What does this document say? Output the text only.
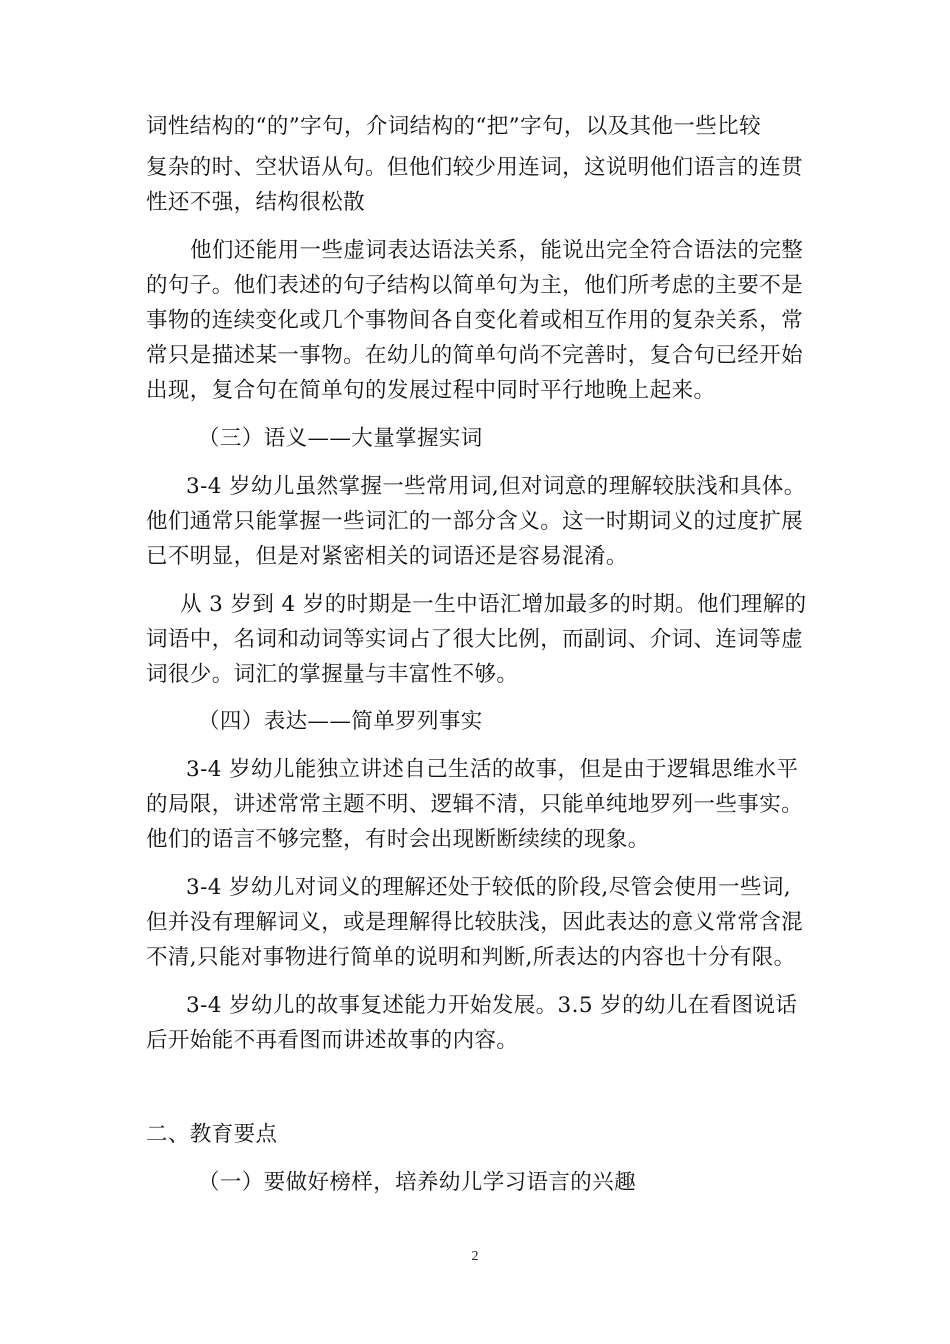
词性结构的“的”字句，介词结构的“把”字句，以及其他一些比较
复杂的时、空状语从句。但他们较少用连词，这说明他们语言的连贯
性还不强，结构很松散
他们还能用一些虚词表达语法关系，能说出完全符合语法的完整
的句子。他们表述的句子结构以简单句为主，他们所考虑的主要不是
事物的连续变化或几个事物间各自变化着或相互作用的复杂关系，常
常只是描述某一事物。在幼儿的简单句尚不完善时，复合句已经开始
出现，复合句在简单句的发展过程中同时平行地晚上起来。
（三）语义——大量掌握实词
3-4 岁幼儿虽然掌握一些常用词,但对词意的理解较肤浅和具体。
他们通常只能掌握一些词汇的一部分含义。这一时期词义的过度扩展
已不明显，但是对紧密相关的词语还是容易混淆。
从 3 岁到 4 岁的时期是一生中语汇增加最多的时期。他们理解的
词语中，名词和动词等实词占了很大比例，而副词、介词、连词等虚
词很少。词汇的掌握量与丰富性不够。
（四）表达——简单罗列事实
3-4 岁幼儿能独立讲述自己生活的故事，但是由于逻辑思维水平
的局限，讲述常常主题不明、逻辑不清，只能单纯地罗列一些事实。
他们的语言不够完整，有时会出现断断续续的现象。
3-4 岁幼儿对词义的理解还处于较低的阶段,尽管会使用一些词,
但并没有理解词义，或是理解得比较肤浅，因此表达的意义常常含混
不清,只能对事物进行简单的说明和判断,所表达的内容也十分有限。
3-4 岁幼儿的故事复述能力开始发展。3.5 岁的幼儿在看图说话
后开始能不再看图而讲述故事的内容。
二、教育要点
（一）要做好榜样，培养幼儿学习语言的兴趣
2
